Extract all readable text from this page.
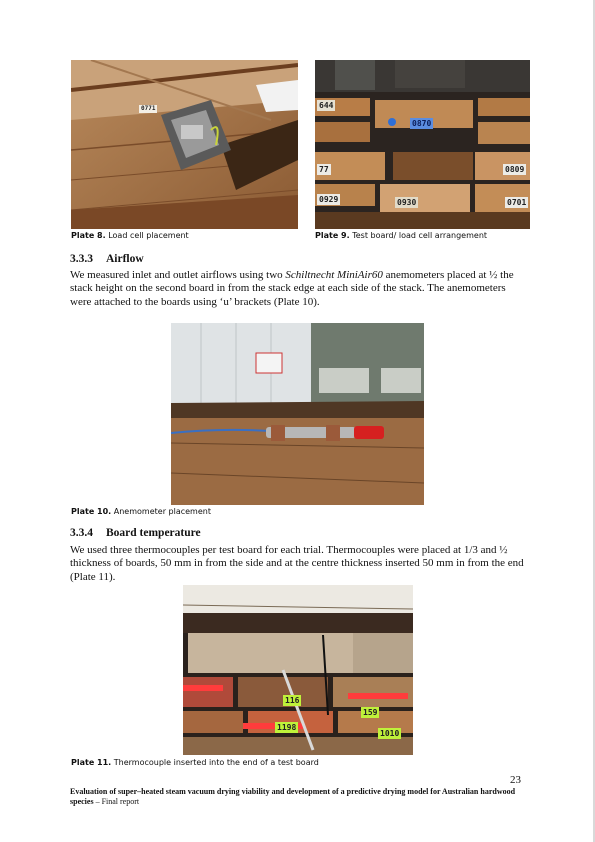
0771	644
0870
77	0809
0929	0930	0701
Plate 8. Load cell placement	Plate 9. Test board/ load cell arrangement
3.3.3 Airflow
We measured inlet and outlet airflows using two Schiltnecht MiniAir60 anemometers placed at ½ the stack height on the second board in from the stack edge at each side of the stack. The anemometers were attached to the boards using ‘u’ brackets (Plate 10).
Plate 10. Anemometer placement
3.3.4 Board temperature
We used three thermocouples per test board for each trial. Thermocouples were placed at 1/3 and ½ thickness of boards, 50 mm in from the side and at the centre thickness inserted 50 mm in from the end (Plate 11).
116
1198
159
1010
Plate 11. Thermocouple inserted into the end of a test board
23
Evaluation of super–heated steam vacuum drying viability and development of a predictive drying model for Australian hardwood species – Final report
